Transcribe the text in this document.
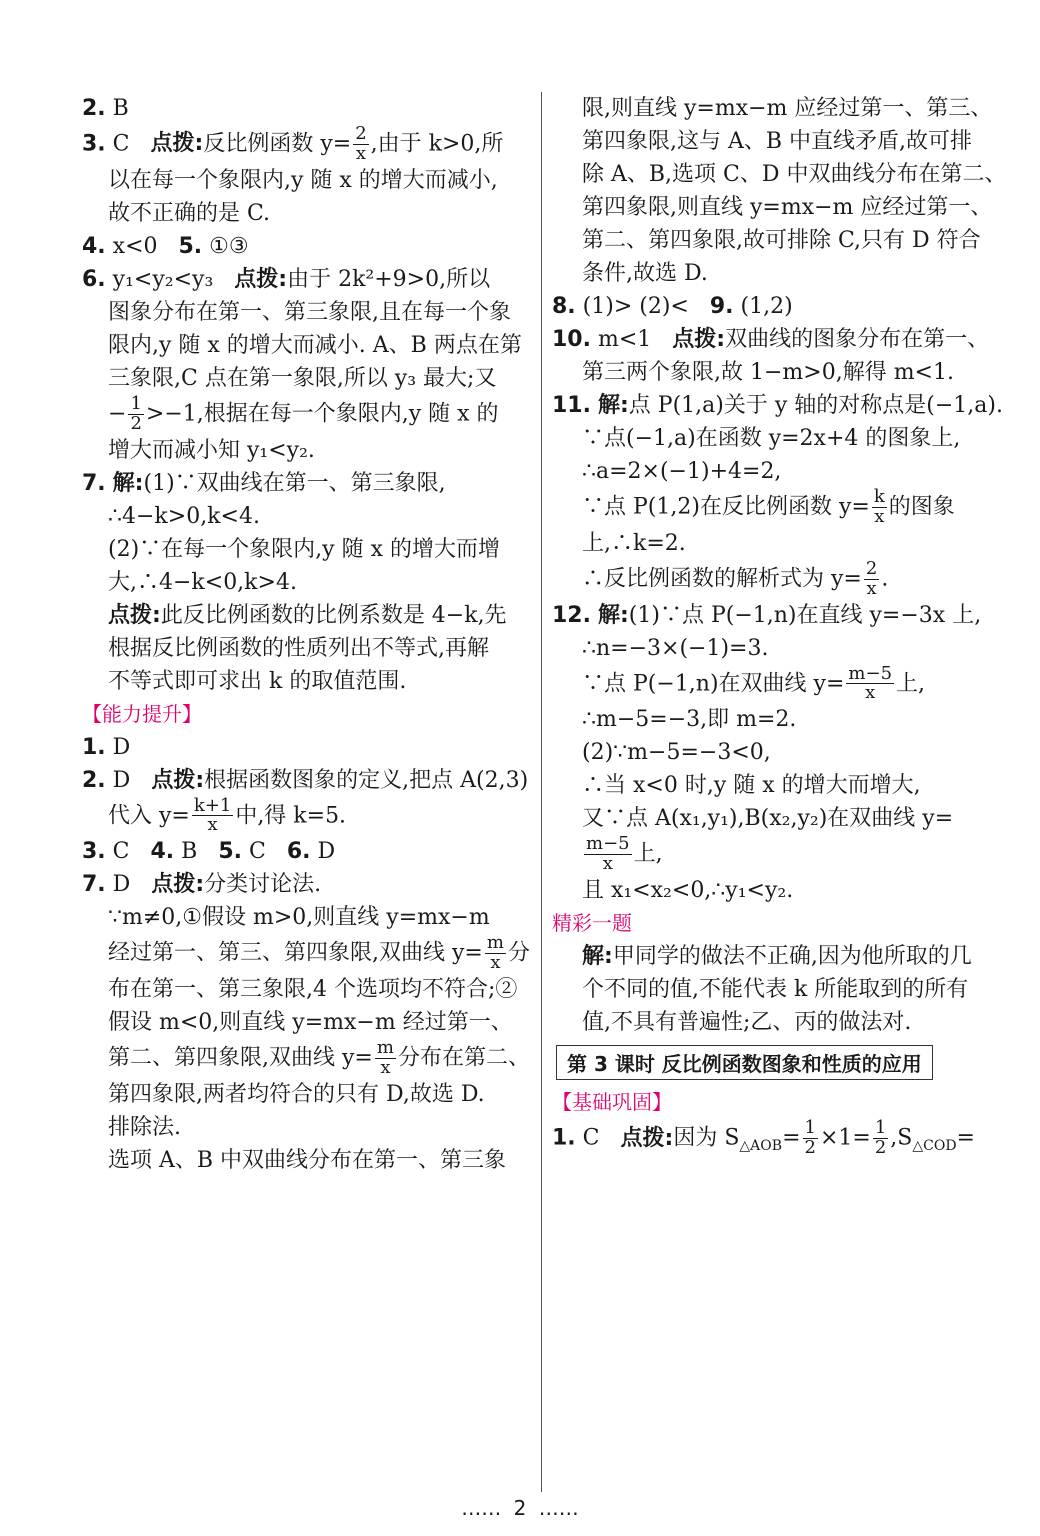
2. B
3. C 点拨:反比例函数 $y= \frac{2}{x}$ ,由于 k>0,所
以在每一个象限内,y 随 x 的增大而减小,
故不正确的是 C.
4. x<0 5. ①③
6. y₁<y₂<y₃ 点拨:由于 2k²+9>0,所以
图象分布在第一、第三象限,且在每一个象
限内,y 随 x 的增大而减小. A、B 两点在第
三象限,C 点在第一象限,所以 y₃ 最大;又
− $\frac{1}{2} >-1$,根据在每一个象限内,y 随 x 的
增大而减小知 y₁<y₂.
7. 解:(1)∵双曲线在第一、第三象限,
∴4−k>0,k<4.
(2)∵在每一个象限内,y 随 x 的增大而增
大,∴4−k<0,k>4.
点拨:此反比例函数的比例系数是 4−k,先
根据反比例函数的性质列出不等式,再解
不等式即可求出 k 的取值范围.
【能力提升】
1. D
2. D 点拨:根据函数图象的定义,把点 A(2,3)
代入 $y= \frac{k+1}{x}$ 中,得 k=5.
3. C 4. B 5. C 6. D
7. D 点拨:分类讨论法.
∵m≠0,①假设 m>0,则直线 y=mx−m
经过第一、第三、第四象限,双曲线 $y= \frac{m}{x}$ 分
布在第一、第三象限,4 个选项均不符合;②
假设 m<0,则直线 y=mx−m 经过第一、
第二、第四象限,双曲线 $y= \frac{m}{x}$ 分布在第二、
第四象限,两者均符合的只有 D,故选 D.
排除法.
选项 A、B 中双曲线分布在第一、第三象
限,则直线 y=mx−m 应经过第一、第三、
第四象限,这与 A、B 中直线矛盾,故可排
除 A、B,选项 C、D 中双曲线分布在第二、
第四象限,则直线 y=mx−m 应经过第一、
第二、第四象限,故可排除 C,只有 D 符合
条件,故选 D.
8. (1)> (2)< 9. (1,2)
10. m<1 点拨:双曲线的图象分布在第一、
第三两个象限,故 1−m>0,解得 m<1.
11. 解:点 P(1,a)关于 y 轴的对称点是(−1,a).
∵点(−1,a)在函数 y=2x+4 的图象上,
∴a=2×(−1)+4=2,
∵点 P(1,2)在反比例函数 $y= \frac{k}{x}$ 的图象
上,∴k=2.
∴反比例函数的解析式为 $y= \frac{2}{x}$ .
12. 解:(1)∵点 P(−1,n)在直线 y=−3x 上,
∴n=−3×(−1)=3.
∵点 P(−1,n)在双曲线 $y= \frac{m-5}{x}$ 上,
∴m−5=−3,即 m=2.
(2)∵m−5=−3<0,
∴当 x<0 时,y 随 x 的增大而增大,
又∵点 A(x₁,y₁),B(x₂,y₂)在双曲线 y=
$\frac{m-5}{x}$ 上,
且 x₁<x₂<0,∴y₁<y₂.
精彩一题
解:甲同学的做法不正确,因为他所取的几
个不同的值,不能代表 k 所能取到的所有
值,不具有普遍性;乙、丙的做法对.
第 3 课时 反比例函数图象和性质的应用
【基础巩固】
1. C 点拨:因为 $S_{\triangle AOB}= \frac{1}{2} \times 1= \frac{1}{2} ,S_{\triangle COD}=$
…… 2 ……
